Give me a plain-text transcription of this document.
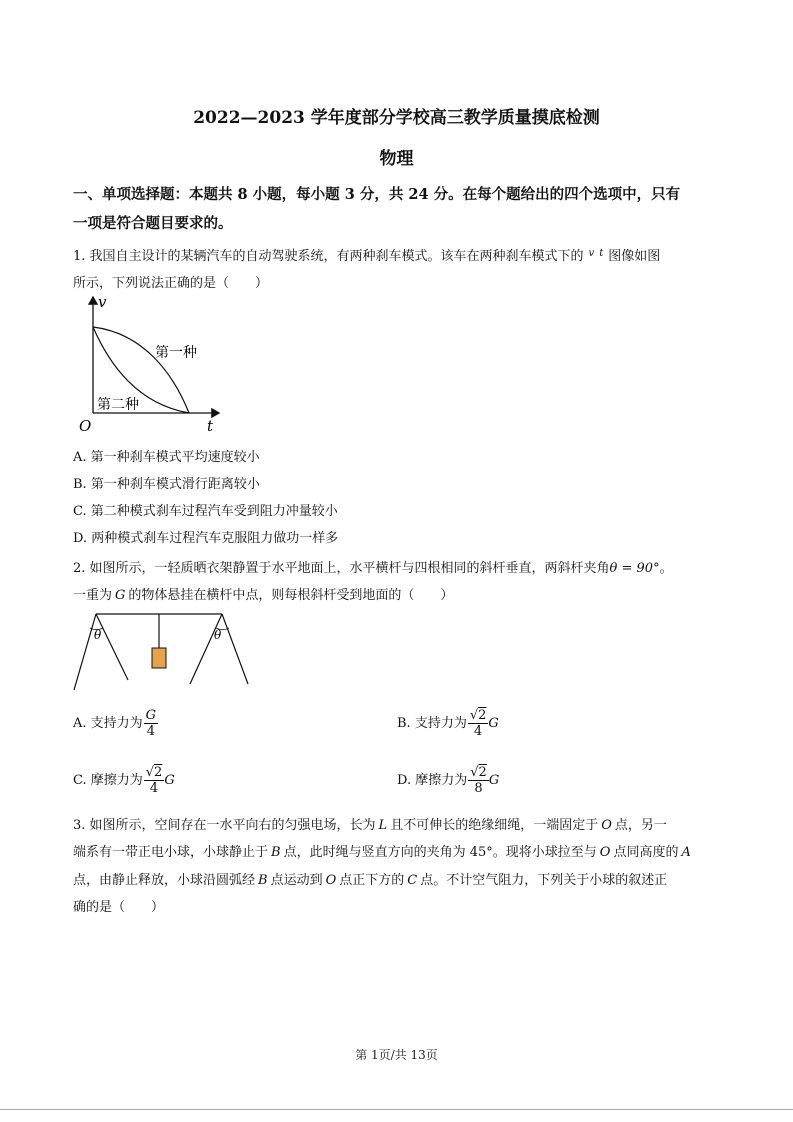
2022—2023 学年度部分学校高三教学质量摸底检测
物理
一、单项选择题：本题共 8 小题，每小题 3 分，共 24 分。在每个题给出的四个选项中，只有
一项是符合题目要求的。
1. 我国自主设计的某辆汽车的自动驾驶系统，有两种刹车模式。该车在两种刹车模式下的 $^v$ $^t$ 图像如图
所示，下列说法正确的是（　　）
v
t
O
第一种
第二种
A. 第一种刹车模式平均速度较小
B. 第一种刹车模式滑行距离较小
C. 第二种模式刹车过程汽车受到阻力冲量较小
D. 两种模式刹车过程汽车克服阻力做功一样多
2. 如图所示，一轻质晒衣架静置于水平地面上，水平横杆与四根相同的斜杆垂直，两斜杆夹角θ = 90°。
一重为 G 的物体悬挂在横杆中点，则每根斜杆受到地面的（　　）
θ	θ
A. 支持力为 $\frac{G}{4}$	B. 支持力为 $\frac{√2}{4}$ G
C. 摩擦力为 $\frac{√2}{4}$ G	D. 摩擦力为 $\frac{√2}{8}$ G
3. 如图所示，空间存在一水平向右的匀强电场，长为 L 且不可伸长的绝缘细绳，一端固定于 O 点，另一
端系有一带正电小球，小球静止于 B 点，此时绳与竖直方向的夹角为 45°。现将小球拉至与 O 点同高度的 A
点，由静止释放，小球沿圆弧经 B 点运动到 O 点正下方的 C 点。不计空气阻力，下列关于小球的叙述正
确的是（　　）
第 1页/共 13页
